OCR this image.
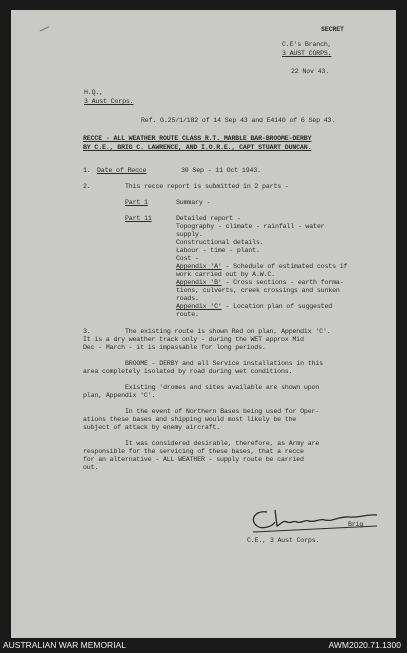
SECRET
C.E's Branch,
3 AUST CORPS.
22 Nov 43.
H.Q.,
3 Aust Corps.
Ref. G.25/1/182 of 14 Sep 43 and E4140 of 6 Sep 43.
RECCE - ALL WEATHER ROUTE CLASS R.T. MARBLE BAR-BROOME-DERBY
BY C.E., BRIG C. LAWRENCE, AND I.O.R.E., CAPT STUART DUNCAN.
1. Date of Recce	30 Sep - 11 Oct 1943.
2.	This recce report is submitted in 2 parts -
Part 1	Summary -
Part 11	Detailed report -
Topography - climate - rainfall - water
supply.
Constructional details.
Labour - time - plant.
Cost -
Appendix 'A' - Schedule of estimated costs if
work carried out by A.W.C.
Appendix 'B' - Cross sections - earth forma-
tions, culverts, creek crossings and sunken
roads.
Appendix 'C' - Location plan of suggested
route.
3.	The existing route is shown Red on plan, Appendix 'C'.
It is a dry weather track only - during the WET approx Mid
Dec - March - it is impassable for long periods.
BROOME - DERBY and all Service installations in this
area completely isolated by road during wet conditions.
Existing 'dromes and sites available are shown upon
plan, Appendix 'C'.
In the event of Northern Bases being used for Oper-
ations these bases and shipping would most likely be the
subject of attack by enemy aircraft.
It was considered desirable, therefore, as Army are
responsible for the servicing of these bases, that a recce
for an alternative - ALL WEATHER - supply route be carried
out.
Brig
C.E., 3 Aust Corps.
AUSTRALIAN WAR MEMORIAL	AWM2020.71.1300
